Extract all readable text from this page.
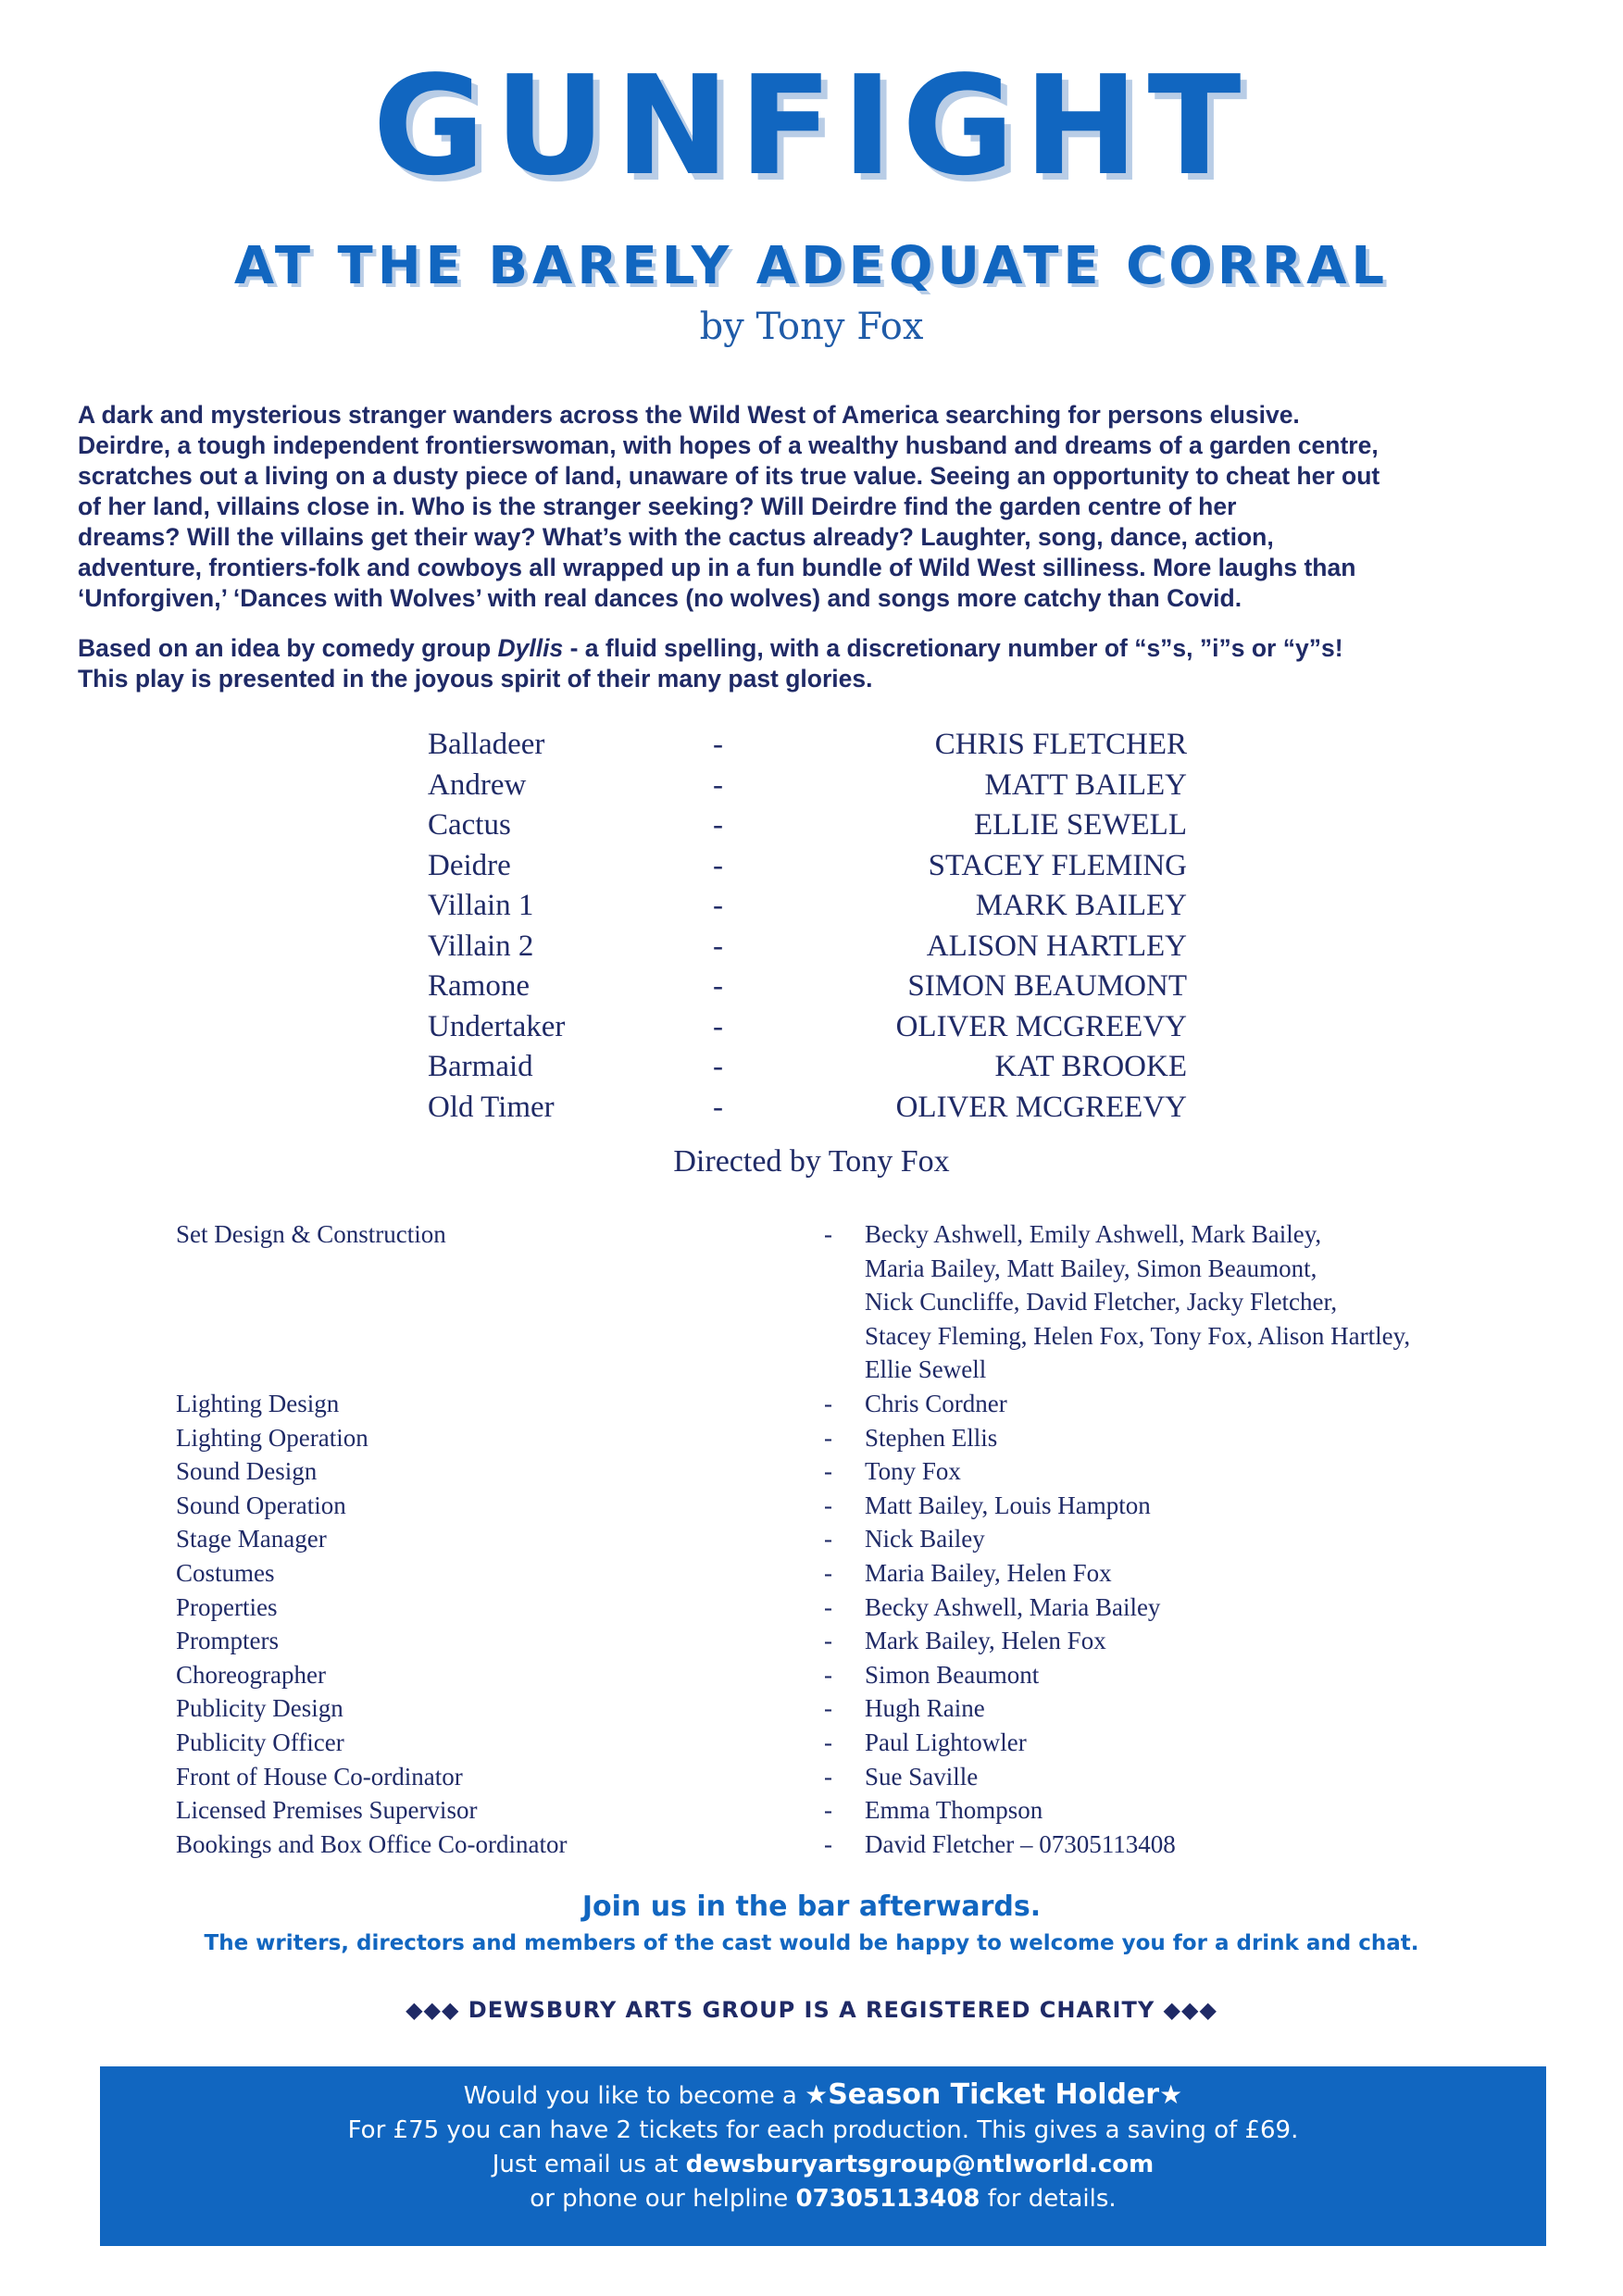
GUNFIGHT
AT THE BARELY ADEQUATE CORRAL
by Tony Fox
A dark and mysterious stranger wanders across the Wild West of America searching for persons elusive.
Deirdre, a tough independent frontierswoman, with hopes of a wealthy husband and dreams of a garden centre,
scratches out a living on a dusty piece of land, unaware of its true value. Seeing an opportunity to cheat her out
of her land, villains close in. Who is the stranger seeking? Will Deirdre find the garden centre of her
dreams? Will the villains get their way? What’s with the cactus already? Laughter, song, dance, action,
adventure, frontiers-folk and cowboys all wrapped up in a fun bundle of Wild West silliness. More laughs than
‘Unforgiven,’ ‘Dances with Wolves’ with real dances (no wolves) and songs more catchy than Covid.
Based on an idea by comedy group Dyllis - a fluid spelling, with a discretionary number of “s”s, ”i”s or “y”s!
This play is presented in the joyous spirit of their many past glories.
Balladeer	-	CHRIS FLETCHER
Andrew	-	MATT BAILEY
Cactus	-	ELLIE SEWELL
Deidre	-	STACEY FLEMING
Villain 1	-	MARK BAILEY
Villain 2	-	ALISON HARTLEY
Ramone	-	SIMON BEAUMONT
Undertaker	-	OLIVER MCGREEVY
Barmaid	-	KAT BROOKE
Old Timer	-	OLIVER MCGREEVY
Directed by Tony Fox
Set Design & Construction	-	Becky Ashwell, Emily Ashwell, Mark Bailey,
Maria Bailey, Matt Bailey, Simon Beaumont,
Nick Cuncliffe, David Fletcher, Jacky Fletcher,
Stacey Fleming, Helen Fox, Tony Fox, Alison Hartley,
Ellie Sewell
Lighting Design	-	Chris Cordner
Lighting Operation	-	Stephen Ellis
Sound Design	-	Tony Fox
Sound Operation	-	Matt Bailey, Louis Hampton
Stage Manager	-	Nick Bailey
Costumes	-	Maria Bailey, Helen Fox
Properties	-	Becky Ashwell, Maria Bailey
Prompters	-	Mark Bailey, Helen Fox
Choreographer	-	Simon Beaumont
Publicity Design	-	Hugh Raine
Publicity Officer	-	Paul Lightowler
Front of House Co-ordinator	-	Sue Saville
Licensed Premises Supervisor	-	Emma Thompson
Bookings and Box Office Co-ordinator	-	David Fletcher – 07305113408
Join us in the bar afterwards.
The writers, directors and members of the cast would be happy to welcome you for a drink and chat.
◆◆◆ DEWSBURY ARTS GROUP IS A REGISTERED CHARITY ◆◆◆
Would you like to become a ★Season Ticket Holder★
For £75 you can have 2 tickets for each production. This gives a saving of £69.
Just email us at dewsburyartsgroup@ntlworld.com
or phone our helpline 07305113408 for details.
